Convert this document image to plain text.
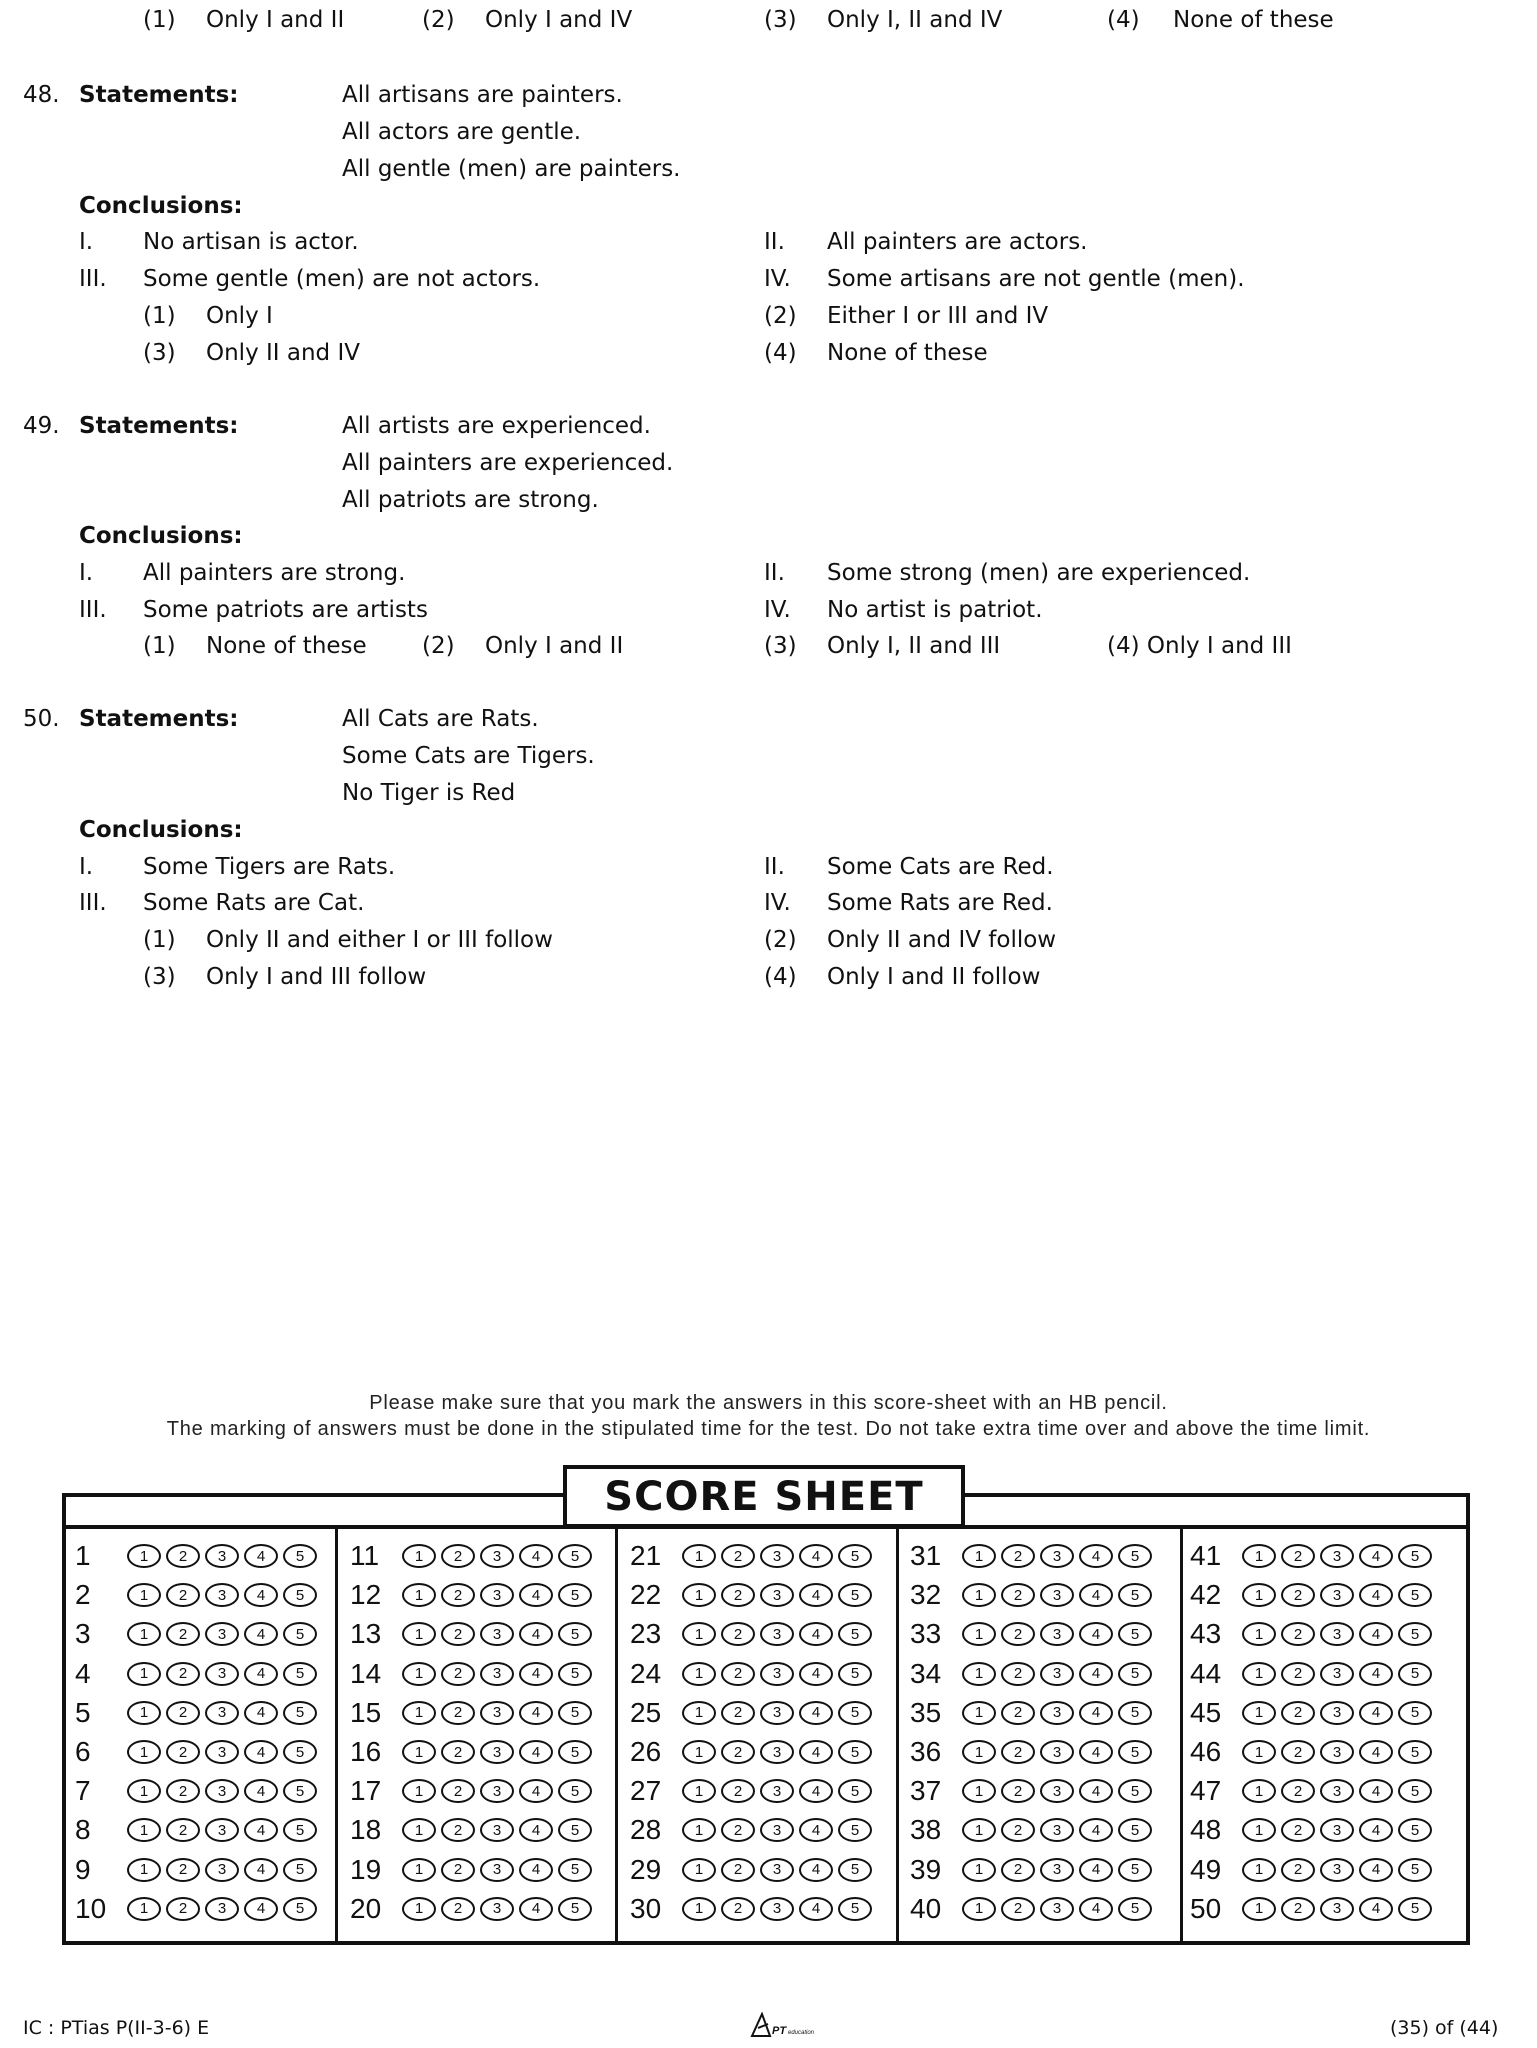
(1) Only I and II	(2) Only I and IV	(3) Only I, II and IV	(4) None of these
48. Statements:	All artisans are painters.
All actors are gentle.
All gentle (men) are painters.
Conclusions:
I. No artisan is actor.	II. All painters are actors.
III. Some gentle (men) are not actors.	IV. Some artisans are not gentle (men).
(1) Only I	(2) Either I or III and IV
(3) Only II and IV	(4) None of these
49. Statements:	All artists are experienced.
All painters are experienced.
All patriots are strong.
Conclusions:
I. All painters are strong.	II. Some strong (men) are experienced.
III. Some patriots are artists	IV. No artist is patriot.
(1) None of these (2) Only I and II	(3) Only I, II and III	(4) Only I and III
50. Statements:	All Cats are Rats.
Some Cats are Tigers.
No Tiger is Red
Conclusions:
I. Some Tigers are Rats.	II. Some Cats are Red.
III. Some Rats are Cat.	IV. Some Rats are Red.
(1) Only II and either I or III follow	(2) Only II and IV follow
(3) Only I and III follow	(4) Only I and II follow
Please make sure that you mark the answers in this score-sheet with an HB pencil.
The marking of answers must be done in the stipulated time for the test. Do not take extra time over and above the time limit.
SCORE SHEET
1	1	2	3	4	5
2	1	2	3	4	5
3	1	2	3	4	5
4	1	2	3	4	5
5	1	2	3	4	5
6	1	2	3	4	5
7	1	2	3	4	5
8	1	2	3	4	5
9	1	2	3	4	5
10	1	2	3	4	5
11	1	2	3	4	5
12	1	2	3	4	5
13	1	2	3	4	5
14	1	2	3	4	5
15	1	2	3	4	5
16	1	2	3	4	5
17	1	2	3	4	5
18	1	2	3	4	5
19	1	2	3	4	5
20	1	2	3	4	5
21	1	2	3	4	5
22	1	2	3	4	5
23	1	2	3	4	5
24	1	2	3	4	5
25	1	2	3	4	5
26	1	2	3	4	5
27	1	2	3	4	5
28	1	2	3	4	5
29	1	2	3	4	5
30	1	2	3	4	5
31	1	2	3	4	5
32	1	2	3	4	5
33	1	2	3	4	5
34	1	2	3	4	5
35	1	2	3	4	5
36	1	2	3	4	5
37	1	2	3	4	5
38	1	2	3	4	5
39	1	2	3	4	5
40	1	2	3	4	5
41	1	2	3	4	5
42	1	2	3	4	5
43	1	2	3	4	5
44	1	2	3	4	5
45	1	2	3	4	5
46	1	2	3	4	5
47	1	2	3	4	5
48	1	2	3	4	5
49	1	2	3	4	5
50	1	2	3	4	5
IC : PTias P(II-3-6) E	PT education	(35) of (44)
